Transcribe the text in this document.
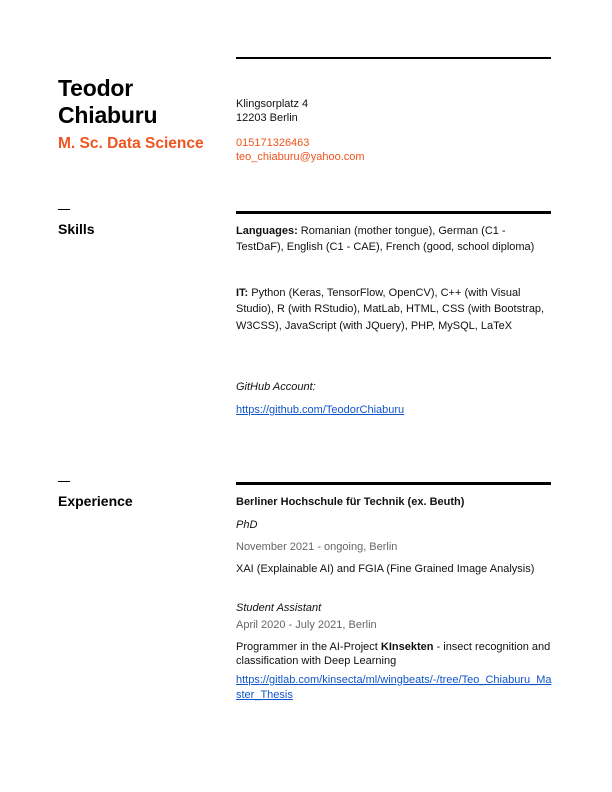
Teodor
Chiaburu
M. Sc. Data Science
Klingsorplatz 4
12203 Berlin
015171326463
teo_chiaburu@yahoo.com
Skills	Languages: Romanian (mother tongue), German (C1 - TestDaF), English (C1 - CAE), French (good, school diploma)
IT: Python (Keras, TensorFlow, OpenCV), C++ (with Visual Studio), R (with RStudio), MatLab, HTML, CSS (with Bootstrap, W3CSS), JavaScript (with JQuery), PHP, MySQL, LaTeX
GitHub Account:
https://github.com/TeodorChiaburu
Experience	Berliner Hochschule für Technik (ex. Beuth)
PhD
November 2021 - ongoing, Berlin
XAI (Explainable AI) and FGIA (Fine Grained Image Analysis)
Student Assistant
April 2020 - July 2021, Berlin
Programmer in the AI-Project KInsekten - insect recognition and classification with Deep Learning
https://gitlab.com/kinsecta/ml/wingbeats/-/tree/Teo_Chiaburu_Master_Thesis
